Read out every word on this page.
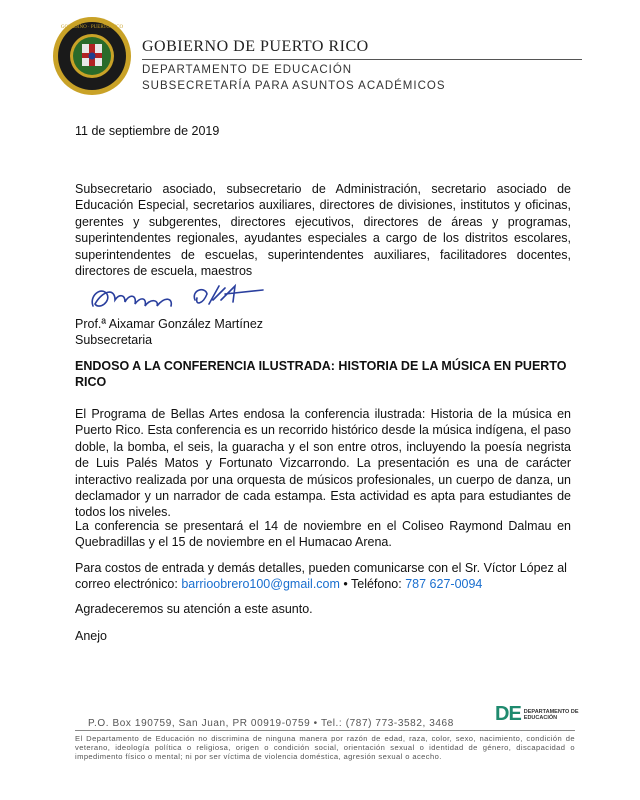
GOBIERNO · PUERTO RICO
GOBIERNO DE PUERTO RICO
DEPARTAMENTO DE EDUCACIÓN
SUBSECRETARÍA PARA ASUNTOS ACADÉMICOS
11 de septiembre de 2019
Subsecretario asociado, subsecretario de Administración, secretario asociado de Educación Especial, secretarios auxiliares, directores de divisiones, institutos y oficinas, gerentes y subgerentes, directores ejecutivos, directores de áreas y programas, superintendentes regionales, ayudantes especiales a cargo de los distritos escolares, superintendentes de escuelas, superintendentes auxiliares, facilitadores docentes, directores de escuela, maestros
Prof.ª Aixamar González Martínez
Subsecretaria
ENDOSO A LA CONFERENCIA ILUSTRADA: HISTORIA DE LA MÚSICA EN PUERTO RICO
El Programa de Bellas Artes endosa la conferencia ilustrada: Historia de la música en Puerto Rico. Esta conferencia es un recorrido histórico desde la música indígena, el paso doble, la bomba, el seis, la guaracha y el son entre otros, incluyendo la poesía negrista de Luis Palés Matos y Fortunato Vizcarrondo. La presentación es una de carácter interactivo realizada por una orquesta de músicos profesionales, un cuerpo de danza, un declamador y un narrador de cada estampa. Esta actividad es apta para estudiantes de todos los niveles.
La conferencia se presentará el 14 de noviembre en el Coliseo Raymond Dalmau en Quebradillas y el 15 de noviembre en el Humacao Arena.
Para costos de entrada y demás detalles, pueden comunicarse con el Sr. Víctor López al correo electrónico: barrioobrero100@gmail.com • Teléfono: 787 627-0094
Agradeceremos su atención a este asunto.
Anejo
P.O. Box 190759, San Juan, PR 00919-0759 • Tel.: (787) 773-3582, 3468 DE DEPARTAMENTO DE
EDUCACIÓN
El Departamento de Educación no discrimina de ninguna manera por razón de edad, raza, color, sexo, nacimiento, condición de veterano, ideología política o religiosa, origen o condición social, orientación sexual o identidad de género, discapacidad o impedimento físico o mental; ni por ser víctima de violencia doméstica, agresión sexual o acecho.
